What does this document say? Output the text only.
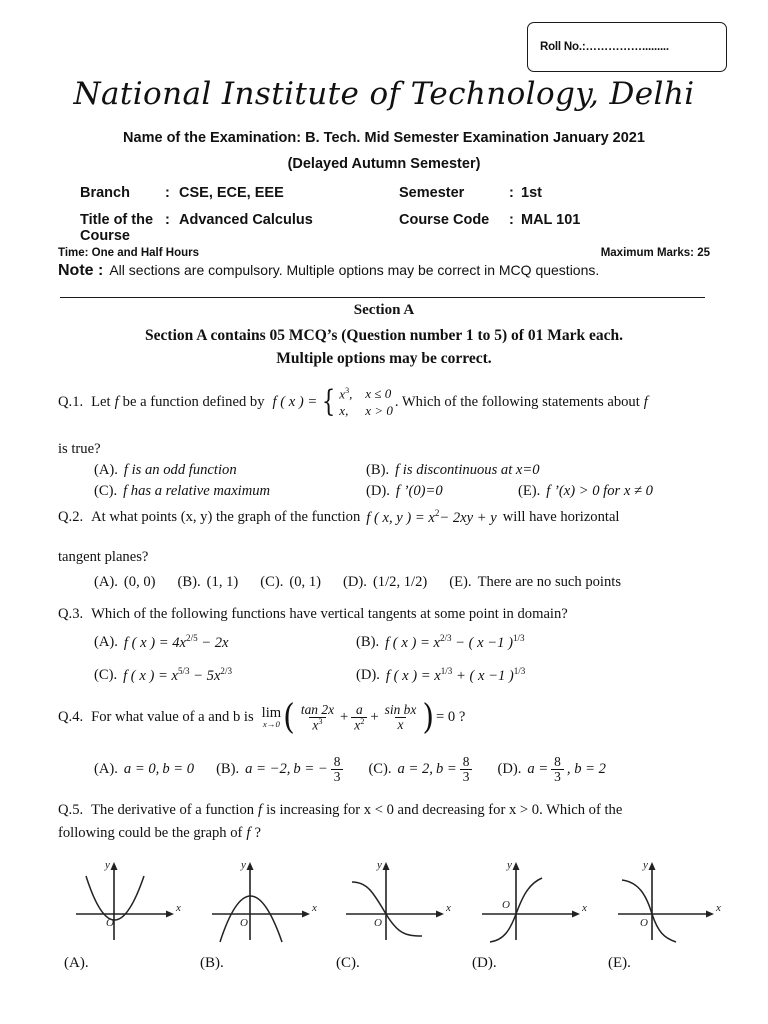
Roll No.:…………….........
National Institute of Technology, Delhi
Name of the Examination: B. Tech. Mid Semester Examination January 2021
(Delayed Autumn Semester)
Branch	: CSE, ECE, EEE	Semester	: 1st
Title of the Course
: Advanced Calculus	Course Code	: MAL 101
Time: One and Half Hours	Maximum Marks: 25
Note : All sections are compulsory. Multiple options may be correct in MCQ questions.
Section A
Section A contains 05 MCQ’s (Question number 1 to 5) of 01 Mark each.
Multiple options may be correct.
Q.1. Let f be a function defined by f ( x ) = { $x^3$, x ≤ 0
x,	x > 0
. Which of the following statements about f
is true?
(A). f is an odd function	(B). f is discontinuous at x=0
(C). f has a relative maximum	(D). f ’(0)=0	(E). f ’(x) > 0 for x ≠ 0
Q.2. At what points (x, y) the graph of the function f ( x, y ) = $x^2- 2xy + y$ will have horizontal
tangent planes?
(A). (0, 0) (B). (1, 1) (C). (0, 1) (D). (1/2, 1/2) (E). There are no such points
Q.3. Which of the following functions have vertical tangents at some point in domain?
(A). f ( x ) = $4x^{2/5} - 2x$	(B). f ( x ) = $x^{2/3}$ − ( x −1 )$^{1/3}$
(C). f ( x ) = $x^{5/3} - 5x^{2/3}$	(D). f ( x ) = $x^{1/3}$ + ( x −1 )$^{1/3}$
Q.4. For what value of a and b is lim
x→0 ( $\frac{\tan 2x}{x^3} + \frac{a}{x^2} + \frac{\text{sin bx}}{x}$ ) = 0 ?
(A). a = 0, b = 0 (B). a = −2, b = − $\frac{8}{3} (C)$. a = 2, $b = \frac{8}{3} (D)$. $a = \frac{8}{3}$ , b = 2
Q.5. The derivative of a function f is increasing for x < 0 and decreasing for x > 0. Which of the
following could be the graph of f ?
O
x
y
O
x
y
O
x
y
O	x
y
O
x
y
(A).	(B).	(C).	(D).	(E).
